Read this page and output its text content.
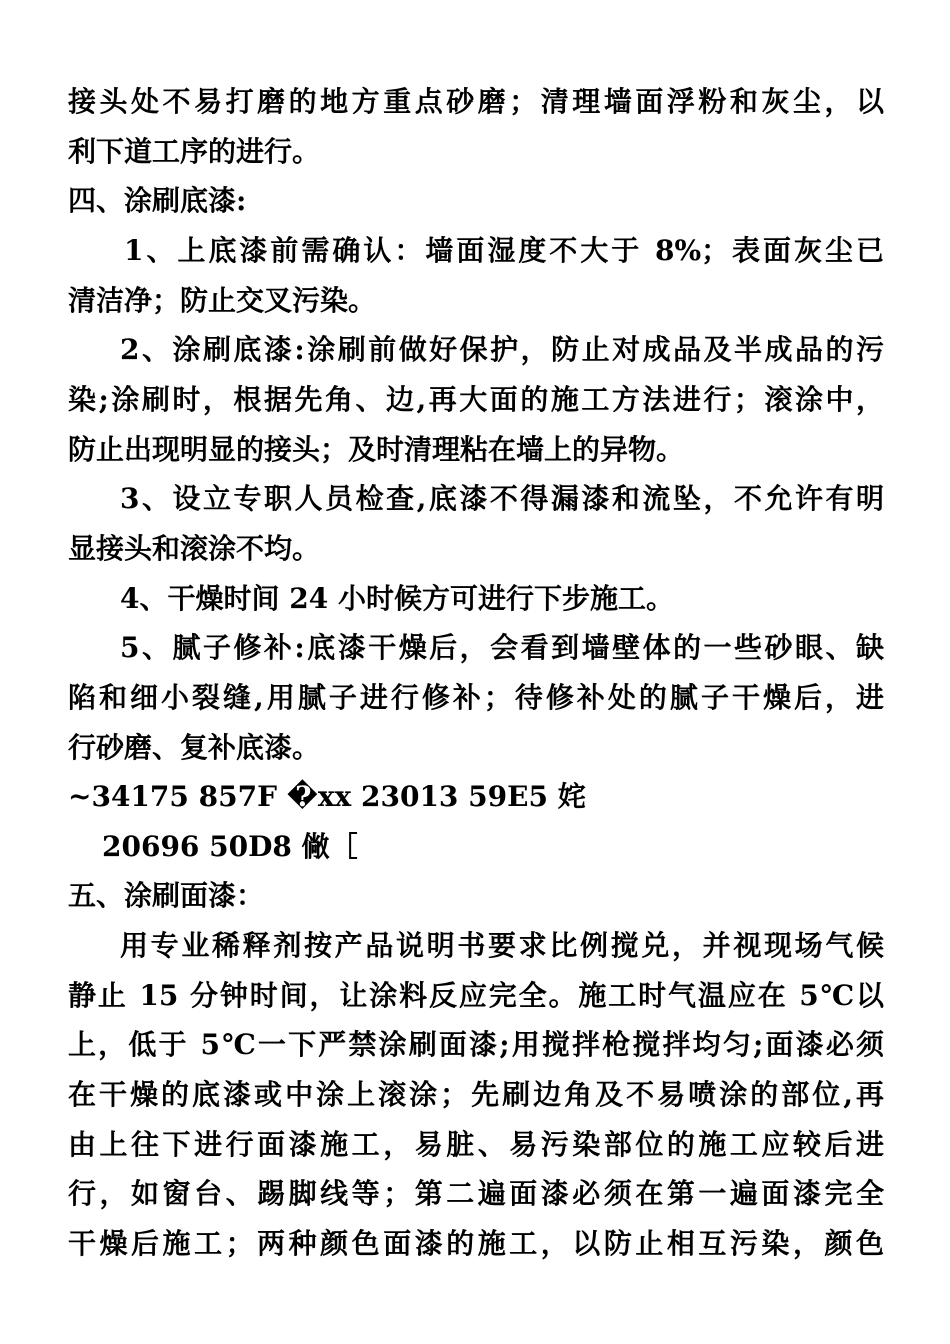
接头处不易打磨的地方重点砂磨；清理墙面浮粉和灰尘，以
利下道工序的进行。
四、涂刷底漆:
1、上底漆前需确认：墙面湿度不大于 8%；表面灰尘已
清洁净；防止交叉污染。
2、涂刷底漆:涂刷前做好保护，防止对成品及半成品的污
染;涂刷时，根据先角、边,再大面的施工方法进行；滚涂中，
防止出现明显的接头；及时清理粘在墙上的异物。
3、设立专职人员检查,底漆不得漏漆和流坠，不允许有明
显接头和滚涂不均。
4、干燥时间 24 小时候方可进行下步施工。
5、腻子修补:底漆干燥后，会看到墙壁体的一些砂眼、缺
陷和细小裂缝,用腻子进行修补；待修补处的腻子干燥后，进
行砂磨、复补底漆。
~34175 857F �xx 23013 59E5 姹
20696 50D8 僘［
五、涂刷面漆：
用专业稀释剂按产品说明书要求比例搅兑，并视现场气候
静止 15 分钟时间，让涂料反应完全。施工时气温应在 5℃以
上，低于 5℃一下严禁涂刷面漆;用搅拌枪搅拌均匀;面漆必须
在干燥的底漆或中涂上滚涂；先刷边角及不易喷涂的部位,再
由上往下进行面漆施工，易脏、易污染部位的施工应较后进
行，如窗台、踢脚线等；第二遍面漆必须在第一遍面漆完全
干燥后施工；两种颜色面漆的施工，以防止相互污染，颜色
